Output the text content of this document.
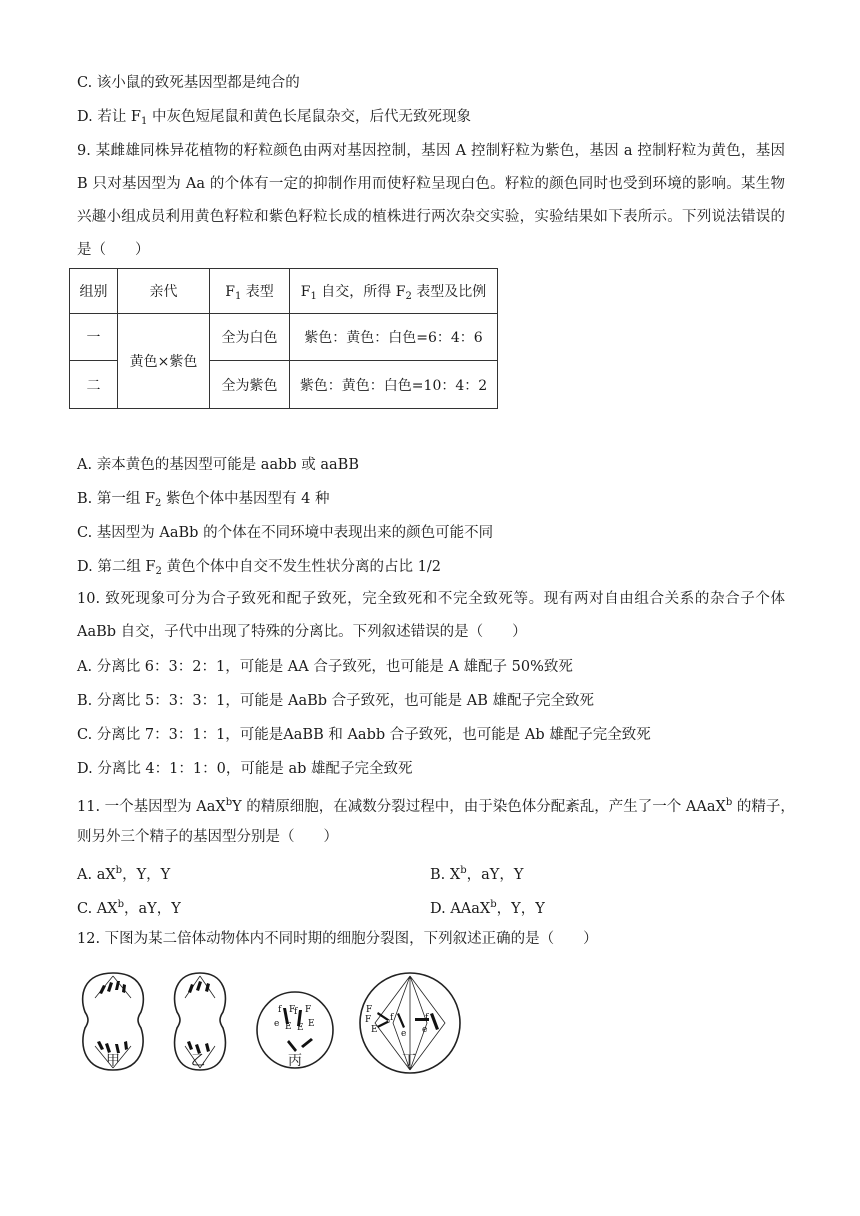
C. 该小鼠的致死基因型都是纯合的
D. 若让 $F_1$ 中灰色短尾鼠和黄色长尾鼠杂交，后代无致死现象
9. 某雌雄同株异花植物的籽粒颜色由两对基因控制，基因 A 控制籽粒为紫色，基因 a 控制籽粒为黄色，基因 B 只对基因型为 Aa 的个体有一定的抑制作用而使籽粒呈现白色。籽粒的颜色同时也受到环境的影响。某生物兴趣小组成员利用黄色籽粒和紫色籽粒长成的植株进行两次杂交实验，实验结果如下表所示。下列说法错误的是（　　）
组别	亲代	$F_1$ 表型	$F_1$ 自交，所得 $F_2$ 表型及比例
一	黄色×紫色	全为白色	紫色：黄色：白色=6：4：6
二		全为紫色	紫色：黄色：白色=10：4：2
A. 亲本黄色的基因型可能是 aabb 或 aaBB
B. 第一组 $F_2$ 紫色个体中基因型有 4 种
C. 基因型为 AaBb 的个体在不同环境中表现出来的颜色可能不同
D. 第二组 $F_2$ 黄色个体中自交不发生性状分离的占比 1/2
10. 致死现象可分为合子致死和配子致死，完全致死和不完全致死等。现有两对自由组合关系的杂合子个体 AaBb 自交，子代中出现了特殊的分离比。下列叙述错误的是（　　）
A. 分离比 6：3：2：1，可能是 AA 合子致死，也可能是 A 雄配子 50%致死
B. 分离比 5：3：3：1，可能是 AaBb 合子致死，也可能是 AB 雄配子完全致死
C. 分离比 7：3：1：1，可能是AaBB 和 Aabb 合子致死，也可能是 Ab 雄配子完全致死
D. 分离比 4：1：1：0，可能是 ab 雄配子完全致死
11. 一个基因型为 AaX$^b$Y 的精原细胞，在减数分裂过程中，由于染色体分配紊乱，产生了一个 AAaX$^b$ 的精子，
则另外三个精子的基因型分别是（　　）
A. $aX^b$，Y，Y	B. $X^b$，aY，Y
C. $AX^b$，aY，Y	D. AAaX$^b$，Y，Y
12. 下图为某二倍体动物体内不同时期的细胞分裂图，下列叙述正确的是（　　）
f F
e E
f F
E E
F
F
E	e
f
e
f
甲	乙	丙	丁
